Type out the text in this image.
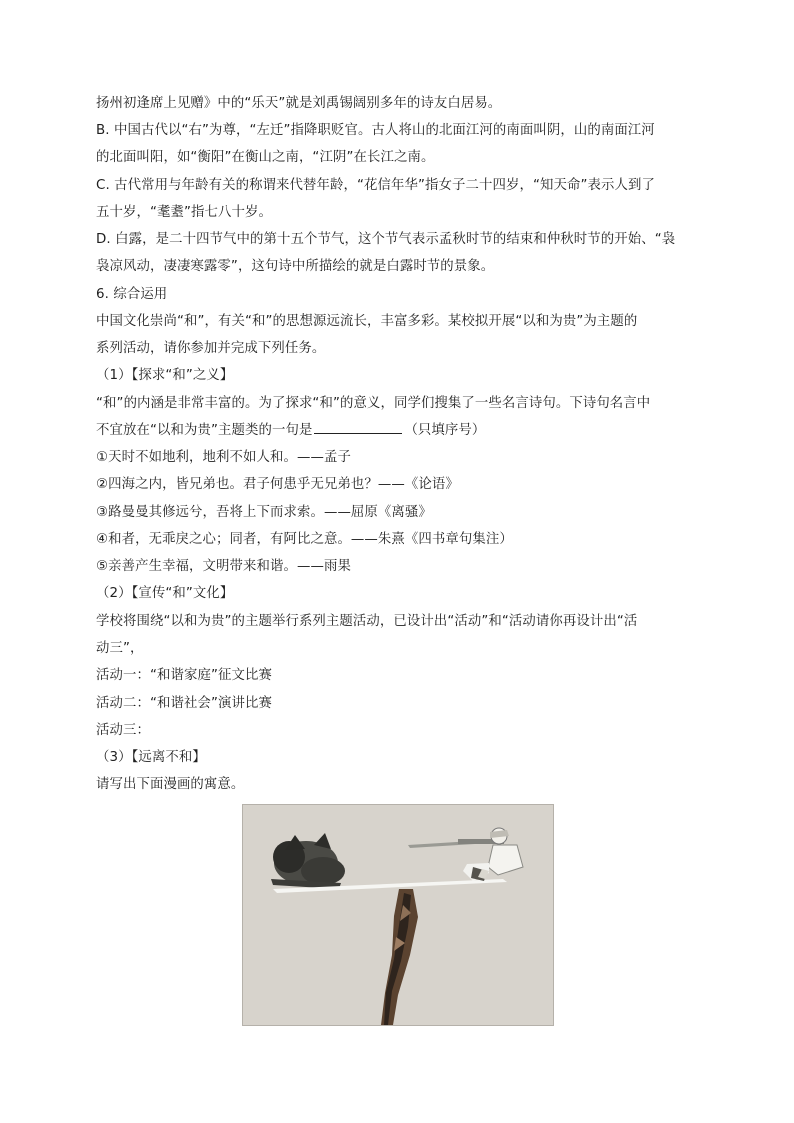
扬州初逢席上见赠》中的“乐天”就是刘禹锡阔别多年的诗友白居易。
B. 中国古代以“右”为尊，“左迁”指降职贬官。古人将山的北面江河的南面叫阴，山的南面江河
的北面叫阳，如“衡阳”在衡山之南，“江阴”在长江之南。
C. 古代常用与年龄有关的称谓来代替年龄，“花信年华”指女子二十四岁，“知天命”表示人到了
五十岁，“耄耋”指七八十岁。
D. 白露，是二十四节气中的第十五个节气，这个节气表示孟秋时节的结束和仲秋时节的开始、“袅
袅凉风动，凄凄寒露零”，这句诗中所描绘的就是白露时节的景象。
6. 综合运用
中国文化崇尚“和”，有关“和”的思想源远流长，丰富多彩。某校拟开展“以和为贵”为主题的
系列活动，请你参加并完成下列任务。
（1）【探求“和”之义】
“和”的内涵是非常丰富的。为了探求“和”的意义，同学们搜集了一些名言诗句。下诗句名言中
不宜放在“以和为贵”主题类的一句是	（只填序号）
①天时不如地利，地利不如人和。——孟子
②四海之内，皆兄弟也。君子何患乎无兄弟也？——《论语》
③路曼曼其修远兮，吾将上下而求索。——屈原《离骚》
④和者，无乖戾之心；同者，有阿比之意。——朱熹《四书章句集注）
⑤亲善产生幸福，文明带来和谐。——雨果
（2）【宣传“和”文化】
学校将围绕“以和为贵”的主题举行系列主题活动，已设计出“活动”和“活动请你再设计出“活
动三”，
活动一：“和谐家庭”征文比赛
活动二：“和谐社会”演讲比赛
活动三：
（3）【远离不和】
请写出下面漫画的寓意。
